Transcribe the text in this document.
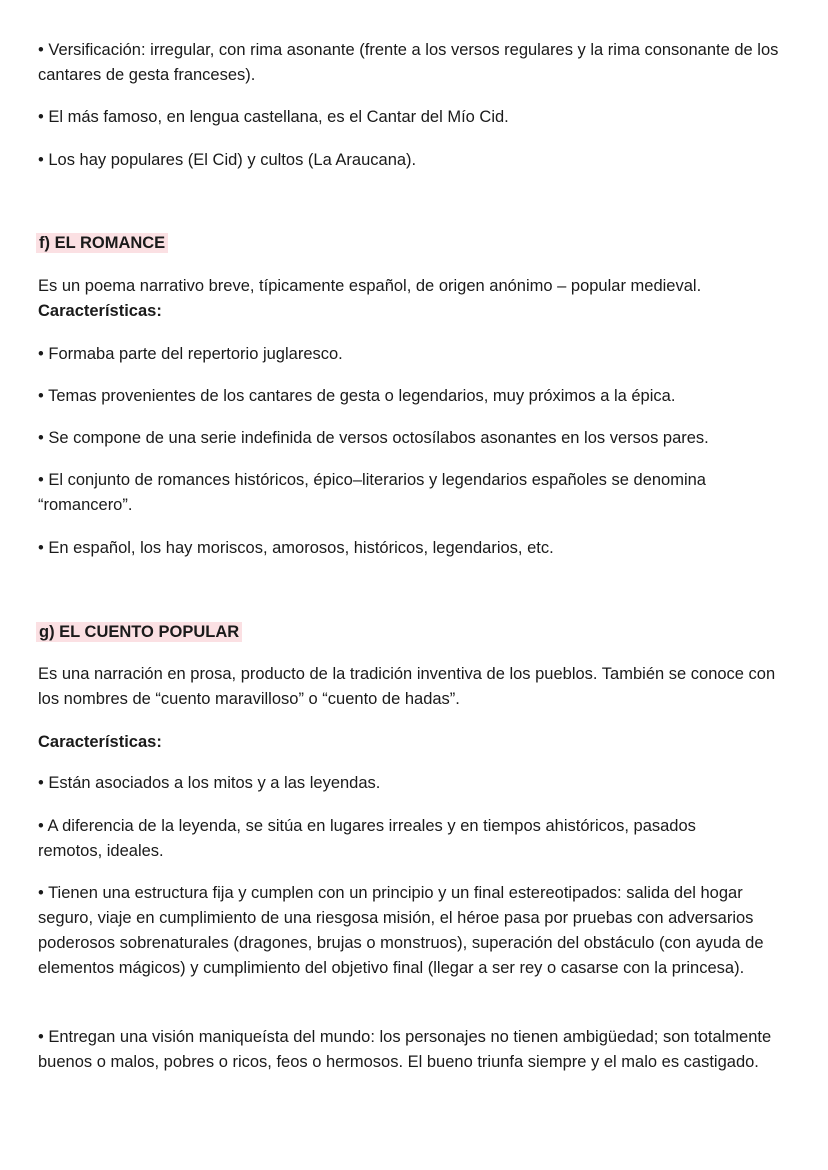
• Versificación: irregular, con rima asonante (frente a los versos regulares y la rima consonante de los cantares de gesta franceses).

• El más famoso, en lengua castellana, es el Cantar del Mío Cid.

• Los hay populares (El Cid) y cultos (La Araucana).

f) EL ROMANCE

Es un poema narrativo breve, típicamente español, de origen anónimo – popular medieval.

Características:

• Formaba parte del repertorio juglaresco.

• Temas provenientes de los cantares de gesta o legendarios, muy próximos a la épica.

• Se compone de una serie indefinida de versos octosílabos asonantes en los versos pares.

• El conjunto de romances históricos, épico–literarios y legendarios españoles se denomina “romancero”.

• En español, los hay moriscos, amorosos, históricos, legendarios, etc.

g) EL CUENTO POPULAR

Es una narración en prosa, producto de la tradición inventiva de los pueblos. También se conoce con los nombres de “cuento maravilloso” o “cuento de hadas”.

Características:

• Están asociados a los mitos y a las leyendas.

• A diferencia de la leyenda, se sitúa en lugares irreales y en tiempos ahistóricos, pasados remotos, ideales.

• Tienen una estructura fija y cumplen con un principio y un final estereotipados: salida del hogar seguro, viaje en cumplimiento de una riesgosa misión, el héroe pasa por pruebas con adversarios poderosos sobrenaturales (dragones, brujas o monstruos), superación del obstáculo (con ayuda de elementos mágicos) y cumplimiento del objetivo final (llegar a ser rey o casarse con la princesa).

• Entregan una visión maniqueísta del mundo: los personajes no tienen ambigüedad; son totalmente buenos o malos, pobres o ricos, feos o hermosos. El bueno triunfa siempre y el malo es castigado.
